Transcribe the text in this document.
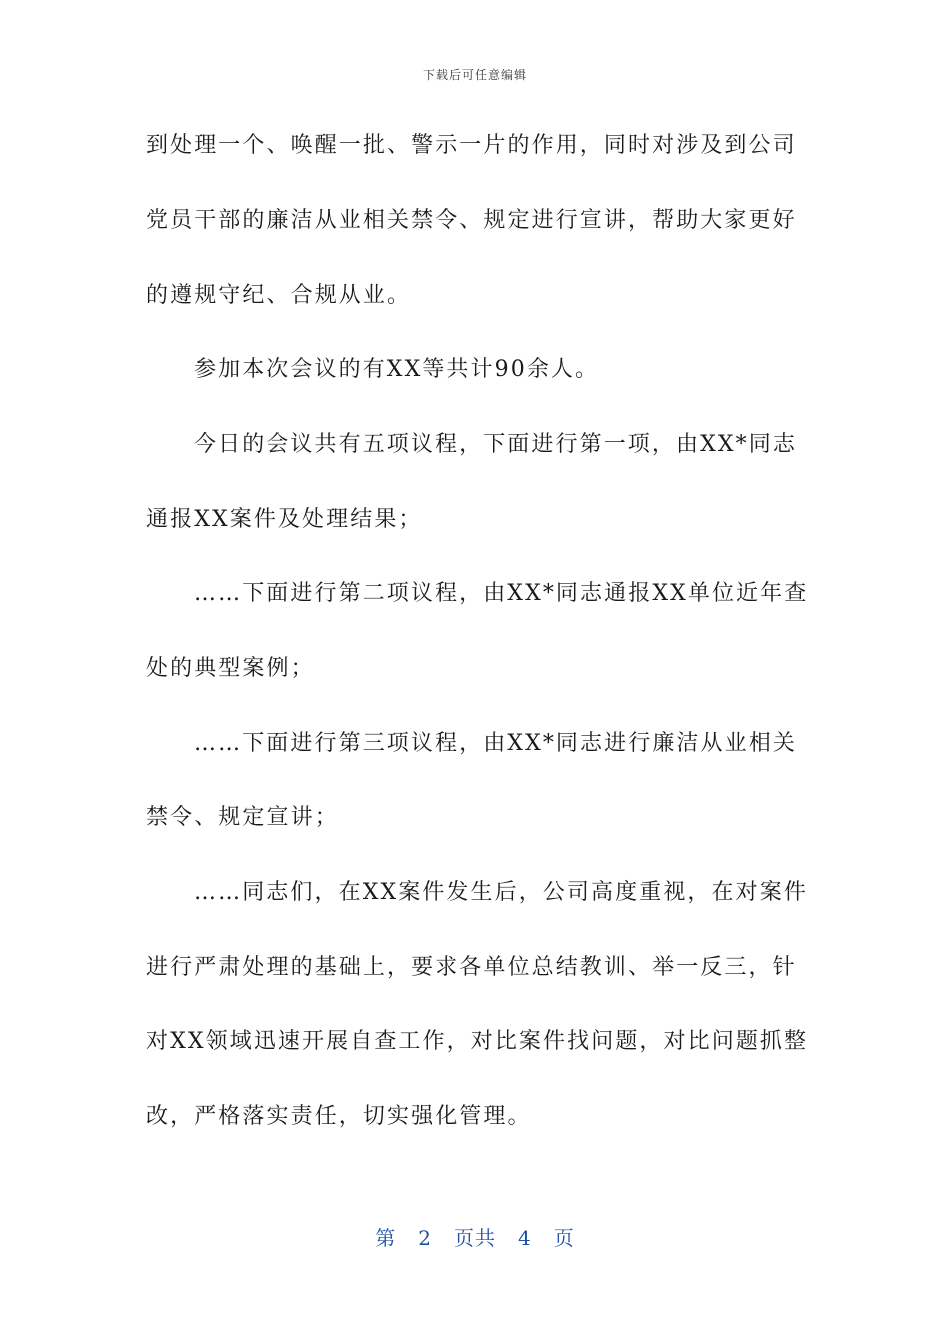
下载后可任意编辑
到处理一个、唤醒一批、警示一片的作用，同时对涉及到公司
党员干部的廉洁从业相关禁令、规定进行宣讲，帮助大家更好
的遵规守纪、合规从业。
参加本次会议的有XX等共计90余人。
今日的会议共有五项议程，下面进行第一项，由XX*同志
通报XX案件及处理结果；
……下面进行第二项议程，由XX*同志通报XX单位近年查
处的典型案例；
……下面进行第三项议程，由XX*同志进行廉洁从业相关
禁令、规定宣讲；
……同志们，在XX案件发生后，公司高度重视，在对案件
进行严肃处理的基础上，要求各单位总结教训、举一反三，针
对XX领域迅速开展自查工作，对比案件找问题，对比问题抓整
改，严格落实责任，切实强化管理。
第 2 页共 4 页
